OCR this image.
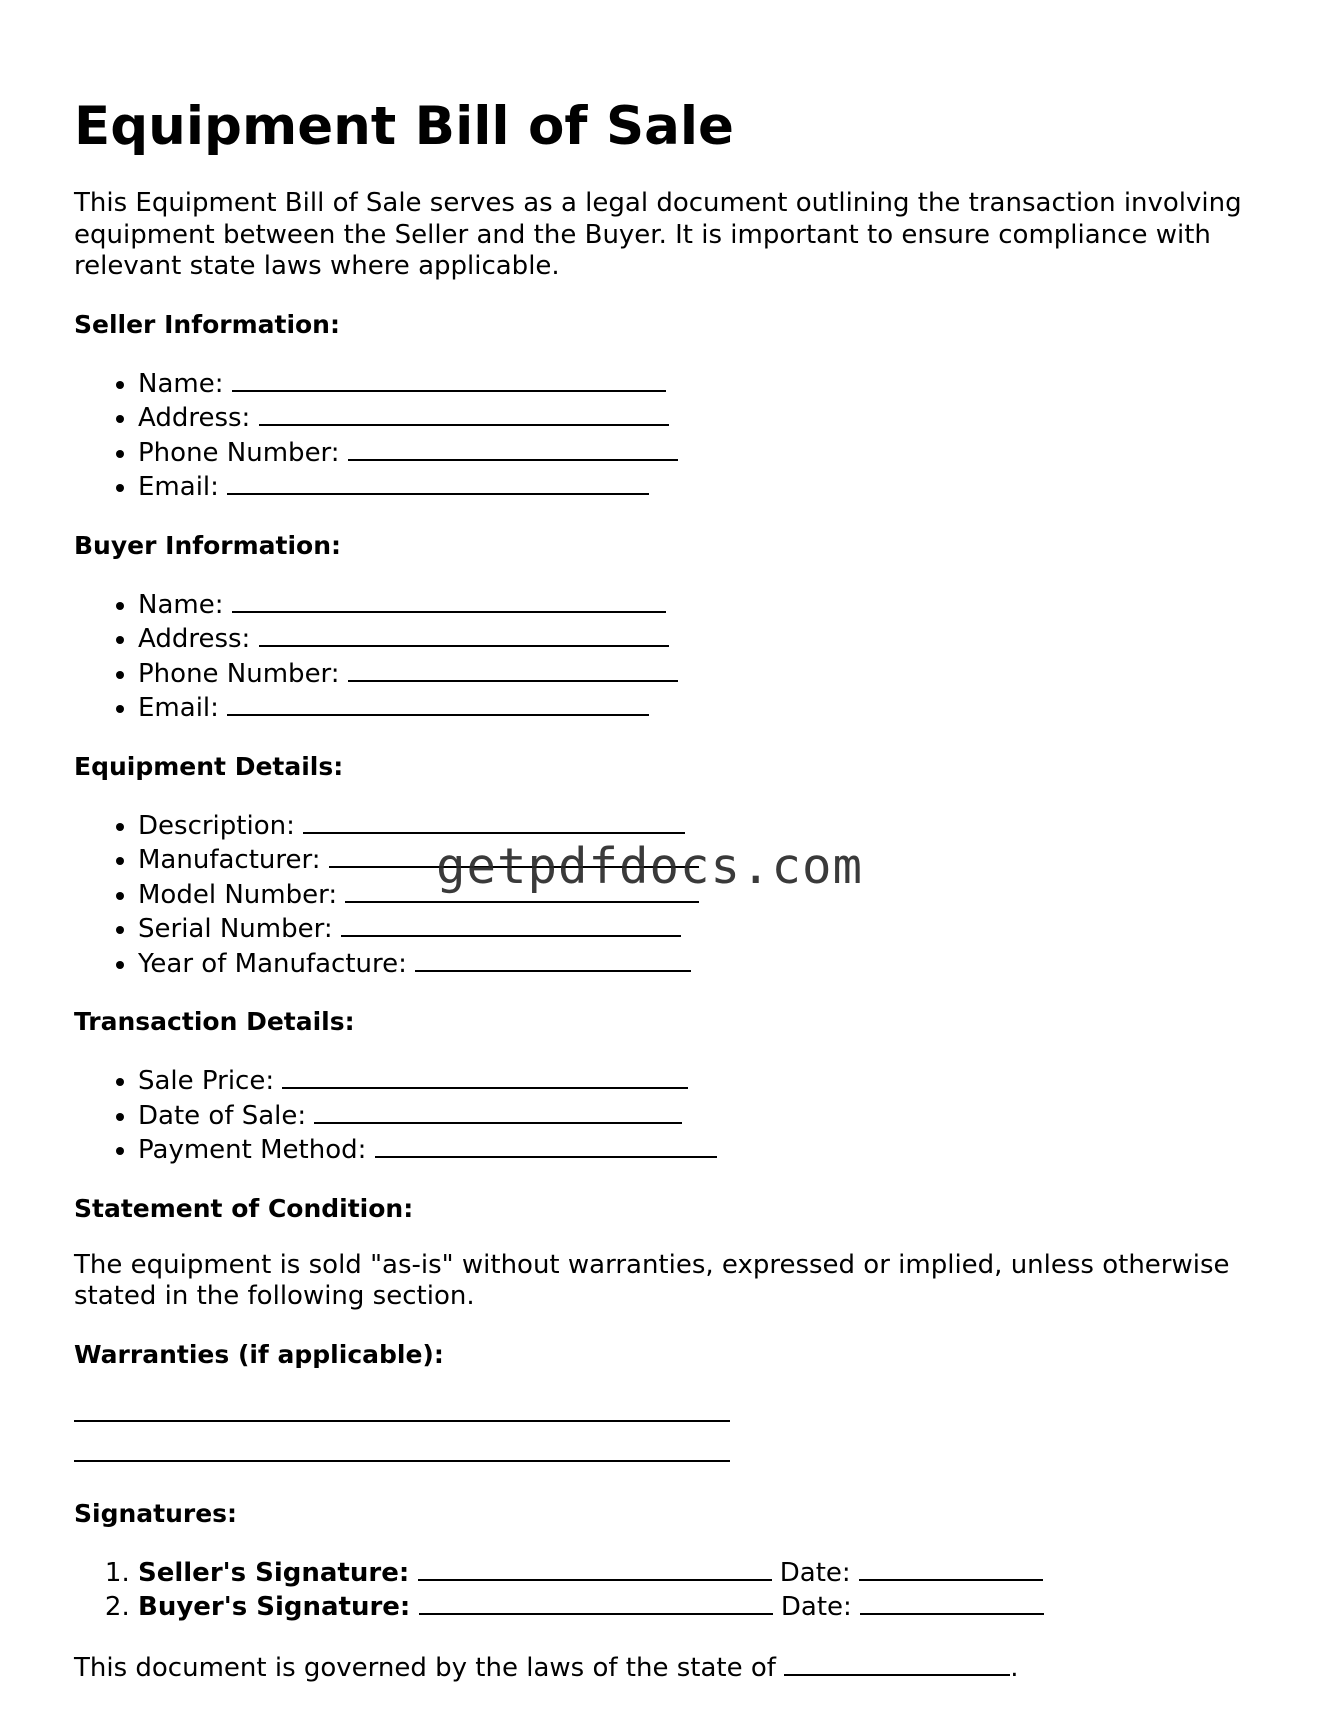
Equipment Bill of Sale

This Equipment Bill of Sale serves as a legal document outlining the transaction involving equipment between the Seller and the Buyer. It is important to ensure compliance with relevant state laws where applicable.

Seller Information:
• Name:
• Address:
• Phone Number:
• Email:
Buyer Information:
• Name:
• Address:
• Phone Number:
• Email:
Equipment Details:
• Description:
• Manufacturer:
• Model Number:
• Serial Number:
• Year of Manufacture:
Transaction Details:
• Sale Price:
• Date of Sale:
• Payment Method:
Statement of Condition:

The equipment is sold "as-is" without warranties, expressed or implied, unless otherwise stated in the following section.

Warranties (if applicable):
Signatures:
1. Seller's Signature:	Date:
2. Buyer's Signature:	Date:

This document is governed by the laws of the state of	.

getpdfdocs.com
